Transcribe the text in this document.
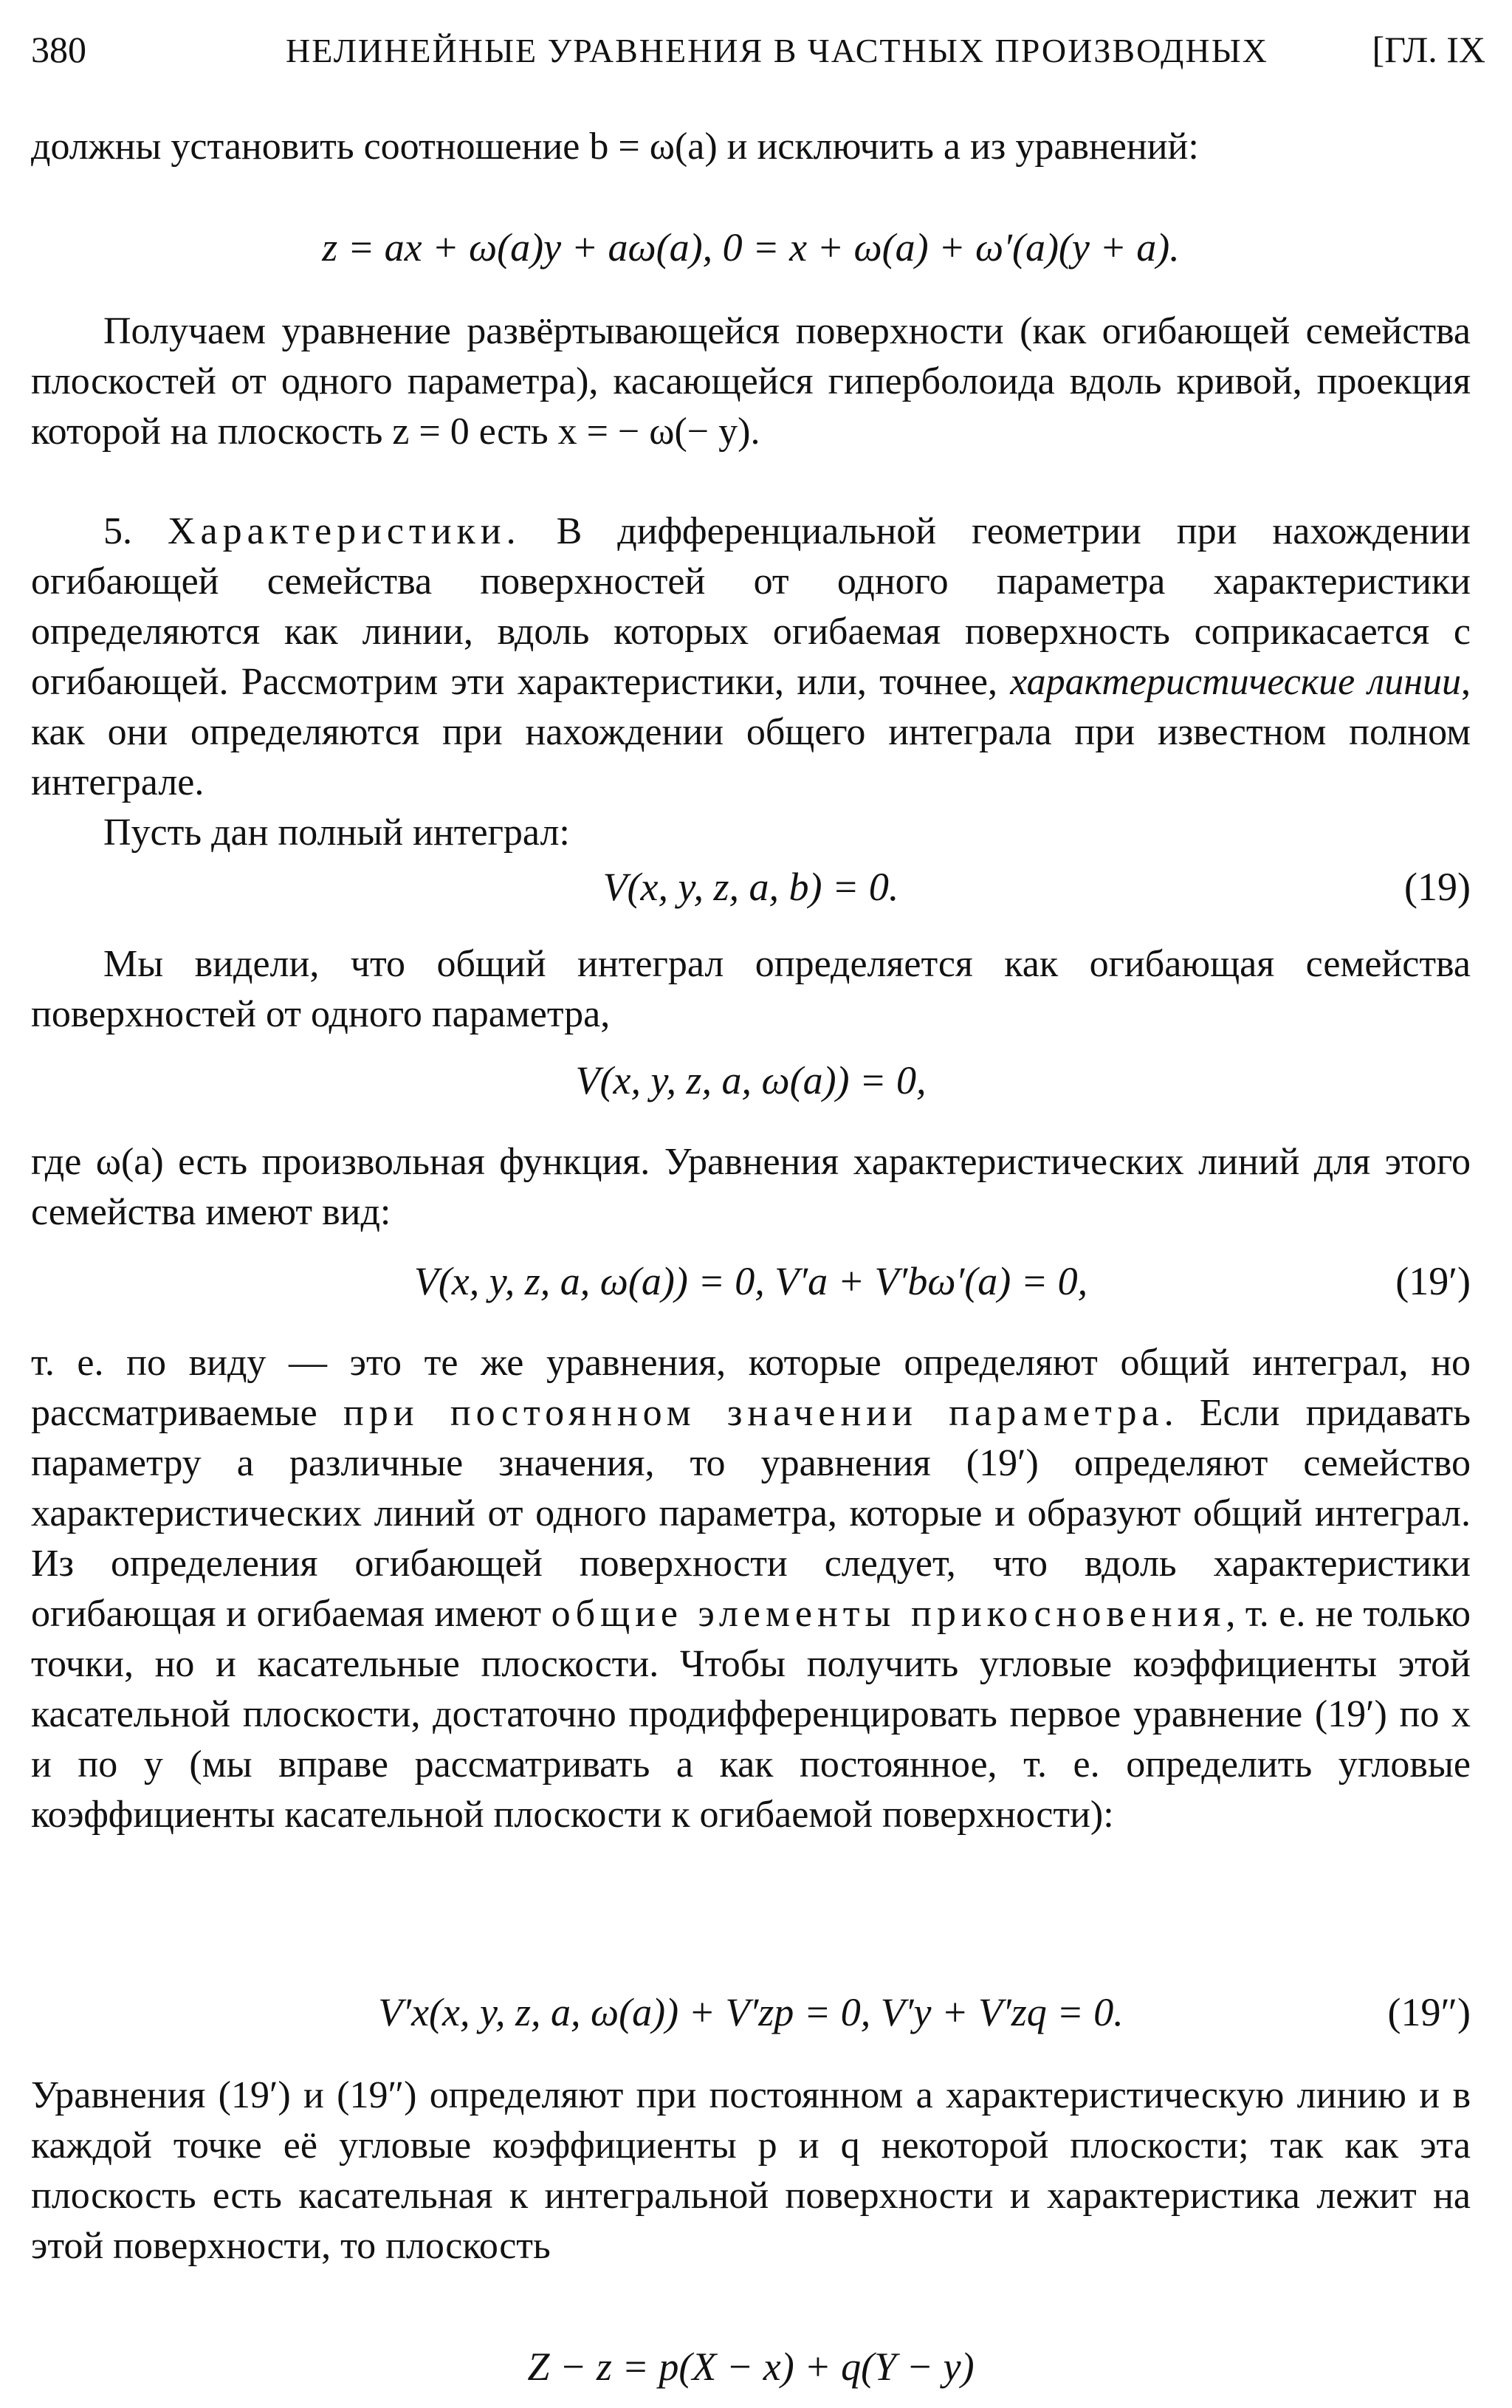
380	НЕЛИНЕЙНЫЕ УРАВНЕНИЯ В ЧАСТНЫХ ПРОИЗВОДНЫХ	[ГЛ. IX

должны установить соотношение b = ω(a) и исключить a из уравнений:

z = ax + ω(a)y + aω(a), 0 = x + ω(a) + ω′(a)(y + a).

Получаем уравнение развёртывающейся поверхности (как огибающей семейства плоскостей от одного параметра), касающейся гиперболоида вдоль кривой, проекция которой на плоскость z = 0 есть x = − ω(− y).

5. Характеристики. В дифференциальной геометрии при нахождении огибающей семейства поверхностей от одного параметра характеристики определяются как линии, вдоль которых огибаемая поверхность соприкасается с огибающей. Рассмотрим эти характеристики, или, точнее, характеристические линии, как они определяются при нахождении общего интеграла при известном полном интеграле.

Пусть дан полный интеграл:

V(x, y, z, a, b) = 0.	(19)

Мы видели, что общий интеграл определяется как огибающая семейства поверхностей от одного параметра,

V(x, y, z, a, ω(a)) = 0,

где ω(a) есть произвольная функция. Уравнения характеристических линий для этого семейства имеют вид:

V(x, y, z, a, ω(a)) = 0, V′a + V′bω′(a) = 0,	(19′)

т. е. по виду — это те же уравнения, которые определяют общий интеграл, но рассматриваемые при постоянном значении параметра. Если придавать параметру a различные значения, то уравнения (19′) определяют семейство характеристических линий от одного параметра, которые и образуют общий интеграл. Из определения огибающей поверхности следует, что вдоль характеристики огибающая и огибаемая имеют общие элементы прикосновения, т. е. не только точки, но и касательные плоскости. Чтобы получить угловые коэффициенты этой касательной плоскости, достаточно продифференцировать первое уравнение (19′) по x и по y (мы вправе рассматривать a как постоянное, т. е. определить угловые коэффициенты касательной плоскости к огибаемой поверхности):

V′x(x, y, z, a, ω(a)) + V′zp = 0, V′y + V′zq = 0.	(19″)

Уравнения (19′) и (19″) определяют при постоянном a характеристическую линию и в каждой точке её угловые коэффициенты p и q некоторой плоскости; так как эта плоскость есть касательная к интегральной поверхности и характеристика лежит на этой поверхности, то плоскость

Z − z = p(X − x) + q(Y − y)
